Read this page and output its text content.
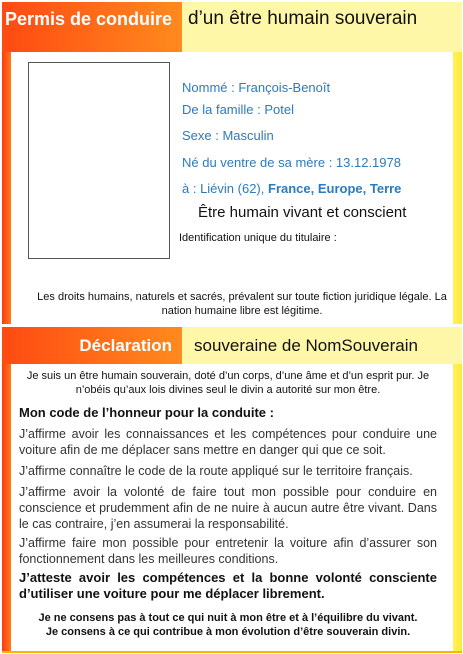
Permis de conduire d’un être humain souverain
Nommé : François-Benoît
De la famille : Potel
Sexe : Masculin
Né du ventre de sa mère : 13.12.1978
à : Liévin (62), France, Europe, Terre
Être humain vivant et conscient
Identification unique du titulaire :
Les droits humains, naturels et sacrés, prévalent sur toute fiction juridique légale. La nation humaine libre est légitime.
Déclaration	souveraine de NomSouverain
Je suis un être humain souverain, doté d’un corps, d’une âme et d’un esprit pur. Je n’obéis qu’aux lois divines seul le divin a autorité sur mon être.
Mon code de l’honneur pour la conduite :
J’affirme avoir les connaissances et les compétences pour conduire une voiture afin de me déplacer sans mettre en danger qui que ce soit.
J’affirme connaître le code de la route appliqué sur le territoire français.
J’affirme avoir la volonté de faire tout mon possible pour conduire en conscience et prudemment afin de ne nuire à aucun autre être vivant. Dans le cas contraire, j’en assumerai la responsabilité.
J’affirme faire mon possible pour entretenir la voiture afin d’assurer son fonctionnement dans les meilleures conditions.
J’atteste avoir les compétences et la bonne volonté consciente d’utiliser une voiture pour me déplacer librement.
Je ne consens pas à tout ce qui nuit à mon être et à l’équilibre du vivant.
Je consens à ce qui contribue à mon évolution d’être souverain divin.
